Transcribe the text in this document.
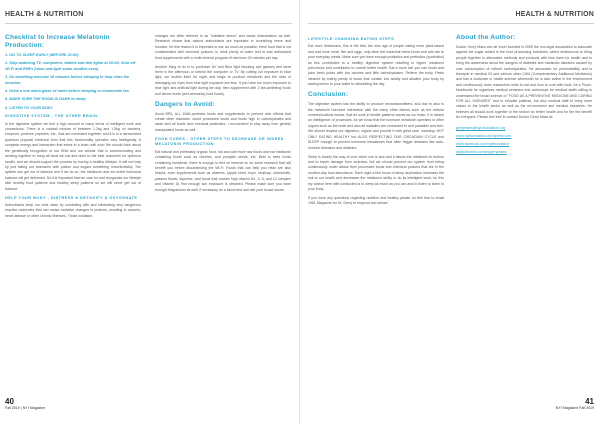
HEALTH & NUTRITION
Checklist to Increase Melatonin Production:
1. GO TO SLEEP EARLY (BEFORE 22:00)
2. Stop watching TV, computers, tablets and dim lights at 20:00; Shut off Wi-Fi and EMFs (relax and light some candles even)
3. Do breathing exercise 15 minutes before sleeping to help relax the muscles.
4. Drink a one warm glass of water before sleeping or chamomile tea.
5. MAKE SURE THE ROOM IS DARK to sleep.
6. LISTEN TO YOUR BODY
DIGESTIVE SYSTEM - THE OTHER BRAIN:

In the digestive system we find a high amount of many forms of intelligent work and connections. There is a cocktail mixture of between 1.2kg and 1.5kg on bacteria, enzymes, proteins, peptides, etc., that are correlated together, and it is in a harmonized quantum physical electrical form that this functionality operates very intelligently. A complete energy and interaction that exists in a brain until now! We should think about the genetically recognition of our DNA and our cellular that is communicating and working together to bring all what we eat and drink to the best outcomes for optimum health, and we should support the process by having a healthy lifestyle. It will not help by just taking our stomachs with poison and sugars something uncontrollably. The system can get out of balance and if we do so, the melatonin and our entire hormonal balance will get deformed. So it is important that we care for and reorganize our lifestyle with healthy food patterns and healthy sleep patterns so we will never get out of balance.

HELP YOUR BODY - DISTRESS & DETOXIFY & OXYGENATE

Antioxidants keep our cells clean by combating with and eliminating very dangerous reactive molecules that can cause oxidative changes in proteins, resulting in cancers, heart disease or other chronic illnesses. Those oxidation

changes are often referred to as "oxidative stress" and cause inflammation as well. Research shows that natural antioxidants are important in nourishing nerve and function, for this reason it is important to eat, as much as possible, fresh food that is not contaminated with chemical poisons, to drink plenty of water and to add antioxidant food supplements with a multi-mineral program of minimum 20 minutes per day.

Another thing to do is to purchase UV and Blue light blocking eye glasses and wear them in the afternoon or behind the computer or TV. By cutting out exposure to blue light, our bodies think it's night, and begin to produce melatonin and the risks of damaging our eyes from blue light exposure are less. If you have too much exposure to blue light and artificial light during the day, then supplement with 2 tea-wellbeing foods and lemon foods (and ammonia) food foods).

Dangers to Avoid:

Avoid BPA, ALL MAN-synthetic foods and supplements to prevent side effects that create other diseases. Avoid processed foods and foods high in carbohydrates and wash well all foods from eventual pesticides. I recommend to stay away from genetic manipulated foods as well.

FOOD CURES - OTHER STEPS TO DECREASE OR INDEED MELATONIN PRODUCTION:

Eat natural and preferably organic food, eat and add more raw foods and eat melatonin containing foods such as cherries, and pumpkin seeds, etc. Best to seek foods containing melatonin, there is enough to find on internet so do some research that will benefit you before discontinuing the Wi-Fi. Foods that can help you relax are also helpful, even supplements such as vitamins, (apple seed, hops, skullcap, chamomile, passion flower, liquorice, and foods that contain high vitamin B1, 3, 6, and 12 complex and Vitamin D) find enough sun exposure is obtained. Please make sure you have enough Magnesium as well, if necessary do a blood test and ask your house doctor.

40
Fall 2019 | NYI Magazine
HEALTH & NUTRITION
LIFESTYLE CHANGING EATING STEPS

Eat more flexitarians, this is the first; the new age of people eating more plant-based and add more meat, fish and eggs, only other the botanical herbs foods and add oils to your everyday meals. Make sure you have enough probiotics and prebiotics (synbiotics) as this contributes to a healthy digestive system resulting in higher melatonin precursors and contributes to overall better health. Eat a more tart you can foods and juice fresh juices with low calories and little carbohydrates. Relieve the body. Peels cleaned by eating plenty of foods that contain low acidity and alkaline your body by adding lemon to your water to stimulating the day.

Conclusion:

The digestive system has the ability to produce neurotransmitters, and due to also to the melatonin hormone interaction with the many other factors such as the cellular communications waves, that do work in similar patterns waves as our brain. It is clearly an intelligence of processes. As we know that the hormone melatonin operates in other organs such as the brain and also all maladies are connected to and parasites and liver. We should respect our digestion, organs and provide it with great care, meaning: NOT ONLY EATING HEALTHY but ALSO RESPECTING OUR CIRCADIAN CYCLE and SLEEP enough to prevent hormonal imbalances that often trigger diseases like auto-immune diseases and diabetes.

Sleep is clearly the way of cure when one is sick and it allows the melatonin to restore and to repair damage from sickness; but we should prevent our system from being continuously under attack from processed foods and chemical poisons that are in the modern-day food abundance. Each night a few hours of sleep deprivation increases the risk to our health and decreases the melatonin ability to do its intelligent work, for this my advice here with conducted is to sleep as much as you can and to listen to listen to your body.

If you have any questions regarding nutrition and healthy please do feel free to email 1961 Magazine for Dr. Gerry to respond and advise.

About the Author:

Doctor Gerry Maes van de Voort founded in 2009 the non-legal association to advocate against the sugar added in the food processing industries, which endeavours to bring people together in alternative methods and products with less harm for health and to bring the awareness about the dangers of diabetes and metabolic diseases caused by over consumption of refined carbohydrates. He advocates for preventability and is therapist in medical 03 and various other CAM (Complementary Additional Medicines) and has a doctorate in health science wherewith he is also active in the environment and continuously does researches what to eat and how to cure with food. As a Phyto-Nutritionist he organizes medical seminars and workshops for medical staffs willing to understand the broad science of "FOOD AS A PREVENTIVE MEDICINE AND CURING FOR ALL DISEASES" and to educate patients, but also medical staff to bring more values to the health sector as well as the environment and medical industries. He believes all should work together in the search for better health and for the the benefit for everyone. Please feel free to contact Doctor Gerry Maes at:

gerrymaes@nyi-foundation.org
www.nyifoundation.wordpress.com
www.facebook.com/nyifoundation
www.linkedin.com/in/gerrymaes
41
NYI Magazine Fall 2019
